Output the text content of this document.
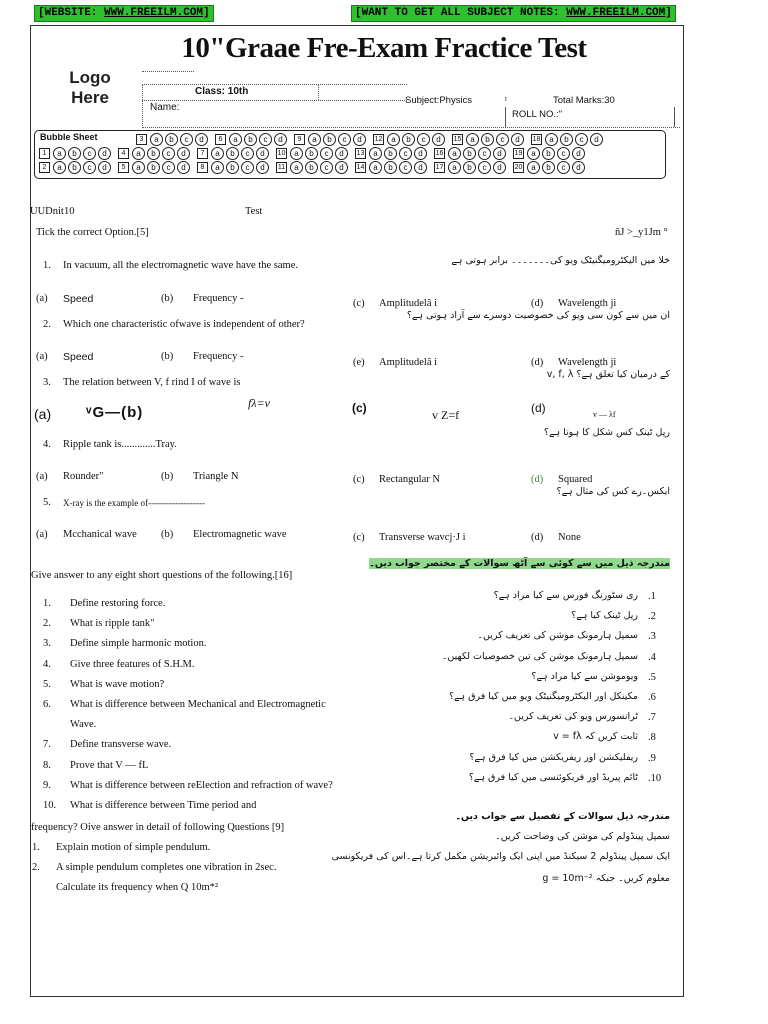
[WEBSITE: WWW.FREEILM.COM]	[WANT TO GET ALL SUBJECT NOTES: WWW.FREEILM.COM]
10"Graae Fre-Exam Fractice Test
Logo Here	Class: 10th
Name:
Subject:Physics	ᵗ	Total Marks:30
ROLL NO.:"
Bubble Sheet	3	a	b	c	d	6	a	b	c	d	9	a	b	c	d	12	a	b	c	d	15	a	b	c	d	18	a	b	c	d
1	a	b	c	d	4	a	b	c	d	7	a	b	c	d	10	a	b	c	d	13	a	b	c	d	16	a	b	c	d	19	a	b	c	d
2	a	b	c	d	5	a	b	c	d	8	a	b	c	d	11	a	b	c	d	14	a	b	c	d	17	a	b	c	d	20	a	b	c	d
UUDnit 10	Test
Tick the correct Option.[5]	ñJ >_y1Jm °
1. In vacuum, all the electromagnetic wave have the same.	خلا میں الیکٹرومیگنیٹک ویو کی۔۔۔۔۔۔۔ برابر ہوتی ہے
(a) Speed	(b) Frequency -	(c) Amplitudelâ i	(d) Wavelength ji
2. Which one characteristic ofwave is independent of other?
ان میں سے کون سی ویو کی خصوصیت دوسرے سے آزاد ہوتی ہے؟
(a) Speed	(b) Frequency -
(e) Amplitudelâ i	(d) Wavelength ji
3. The relation between V, f rind I of wave is
کے درمیان کیا تعلق ہے؟ v, f, λ
(a) ᵛG—(b)
fλ=v	(c)	v Z=f	(d)	v — λf
4. Ripple tank is.............Tray.
رپل ٹینک کس شکل کا ہوتا ہے؟
(a) Rounder"	(b) Triangle N	(c) Rectangular N	(d) Squared
5. X-ray is the example of-------------------
ایکس۔رے کس کی مثال ہے؟
(a) Mcchanical wave (b) Electromagnetic wave	(c) Transverse wavcj·J i	(d) None
Give answer to any eight short questions of the following.[16]
مندرجہ ذیل میں سے کوئی سے آٹھ سوالات کے مختصر جواب دیں۔
1. Define restoring force.
.1
ری سٹورنگ فورس سے کیا مراد ہے؟
2. What is ripple tank"
.2
رپل ٹینک کیا ہے؟
3. Define simple harmonic motion.
.3
سمپل ہارمونک موشن کی تعریف کریں۔
4. Give three features of S.H.M.
.4
سمپل ہارمونک موشن کی تین خصوصیات لکھیں۔
5. What is wave motion?
.5
ویوموشن سے کیا مراد ہے؟
6. What is difference between Mechanical and Electromagnetic
.6
مکینکل اور الیکٹرومیگنیٹک ویو میں کیا فرق ہے؟
Wave.
.7
ٹرانسورس ویو کی تعریف کریں۔
7. Define transverse wave.
.8
ثابت کریں کہ v = fλ
8. Prove that V — fL
.9
ریفلیکشن اور ریفریکشن میں کیا فرق ہے؟
9. What is difference between reElection and refraction of wave?
.10
ٹائم پیریڈ اور فریکوئنسی میں کیا فرق ہے؟
10. What is difference between Time period and
frequency? Oive answer in detail of following Questions [9]
مندرجہ ذیل سوالات کے تفصیل سے جواب دیں۔
1. Explain motion of simple pendulum.
سمپل پینڈولم کی موشن کی وضاحت کریں۔
2. A simple pendulum completes one vibration in 2sec.
ایک سمپل پینڈولم 2 سیکنڈ میں اپنی ایک وائبریشن مکمل کرتا ہے۔اس کی فریکونسی
Calculate its frequency when Q 10m*²
معلوم کریں۔ جبکہ g = 10m⁻²
